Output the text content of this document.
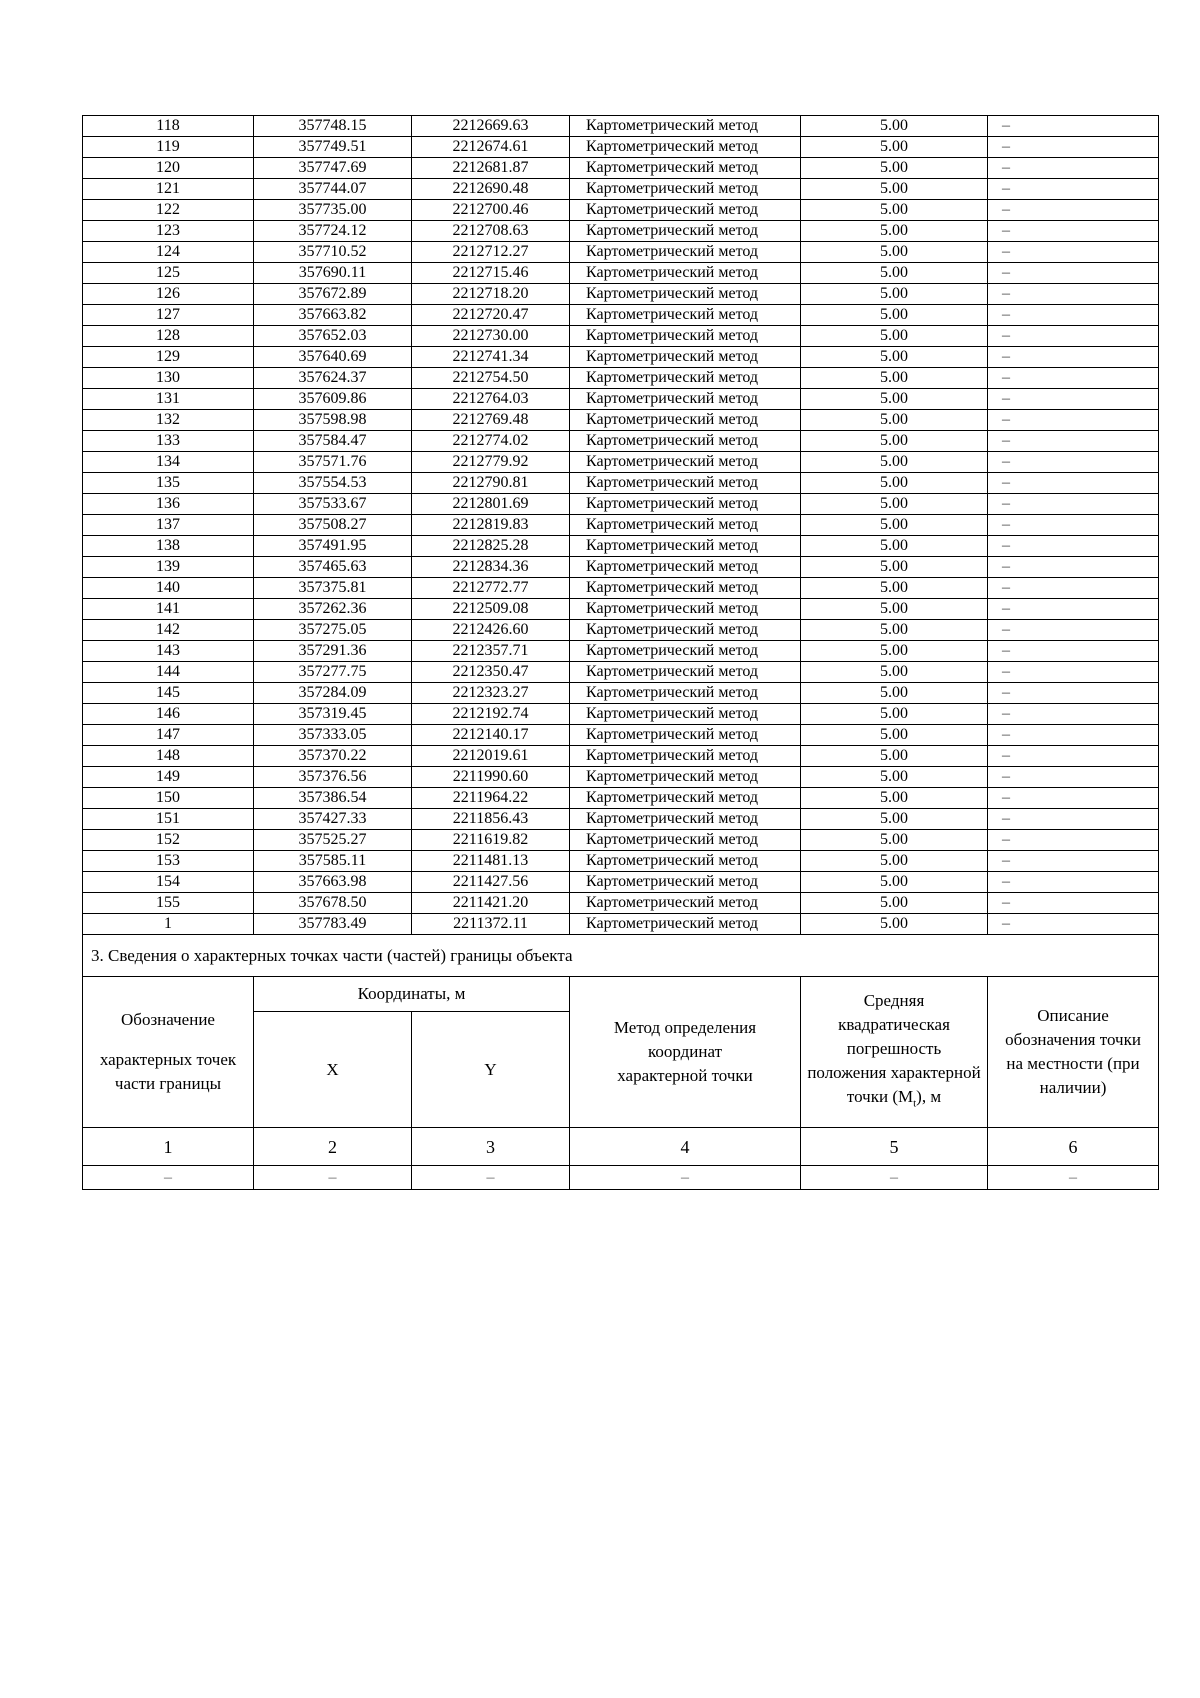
118	357748.15	2212669.63	Картометрический метод	5.00	–
119	357749.51	2212674.61	Картометрический метод	5.00	–
120	357747.69	2212681.87	Картометрический метод	5.00	–
121	357744.07	2212690.48	Картометрический метод	5.00	–
122	357735.00	2212700.46	Картометрический метод	5.00	–
123	357724.12	2212708.63	Картометрический метод	5.00	–
124	357710.52	2212712.27	Картометрический метод	5.00	–
125	357690.11	2212715.46	Картометрический метод	5.00	–
126	357672.89	2212718.20	Картометрический метод	5.00	–
127	357663.82	2212720.47	Картометрический метод	5.00	–
128	357652.03	2212730.00	Картометрический метод	5.00	–
129	357640.69	2212741.34	Картометрический метод	5.00	–
130	357624.37	2212754.50	Картометрический метод	5.00	–
131	357609.86	2212764.03	Картометрический метод	5.00	–
132	357598.98	2212769.48	Картометрический метод	5.00	–
133	357584.47	2212774.02	Картометрический метод	5.00	–
134	357571.76	2212779.92	Картометрический метод	5.00	–
135	357554.53	2212790.81	Картометрический метод	5.00	–
136	357533.67	2212801.69	Картометрический метод	5.00	–
137	357508.27	2212819.83	Картометрический метод	5.00	–
138	357491.95	2212825.28	Картометрический метод	5.00	–
139	357465.63	2212834.36	Картометрический метод	5.00	–
140	357375.81	2212772.77	Картометрический метод	5.00	–
141	357262.36	2212509.08	Картометрический метод	5.00	–
142	357275.05	2212426.60	Картометрический метод	5.00	–
143	357291.36	2212357.71	Картометрический метод	5.00	–
144	357277.75	2212350.47	Картометрический метод	5.00	–
145	357284.09	2212323.27	Картометрический метод	5.00	–
146	357319.45	2212192.74	Картометрический метод	5.00	–
147	357333.05	2212140.17	Картометрический метод	5.00	–
148	357370.22	2212019.61	Картометрический метод	5.00	–
149	357376.56	2211990.60	Картометрический метод	5.00	–
150	357386.54	2211964.22	Картометрический метод	5.00	–
151	357427.33	2211856.43	Картометрический метод	5.00	–
152	357525.27	2211619.82	Картометрический метод	5.00	–
153	357585.11	2211481.13	Картометрический метод	5.00	–
154	357663.98	2211427.56	Картометрический метод	5.00	–
155	357678.50	2211421.20	Картометрический метод	5.00	–
1	357783.49	2211372.11	Картометрический метод	5.00	–
3. Сведения о характерных точках части (частей) границы объекта					

Обозначение
характерных точек части границы	Координаты, м		Метод определения координат характерной точки	Средняя квадратическая погрешность положения характерной точки $(M_t)$, м	Описание обозначения точки на местности (при наличии)
	X	Y			
1	2	3	4	5	6
–	–	–	–	–	–
